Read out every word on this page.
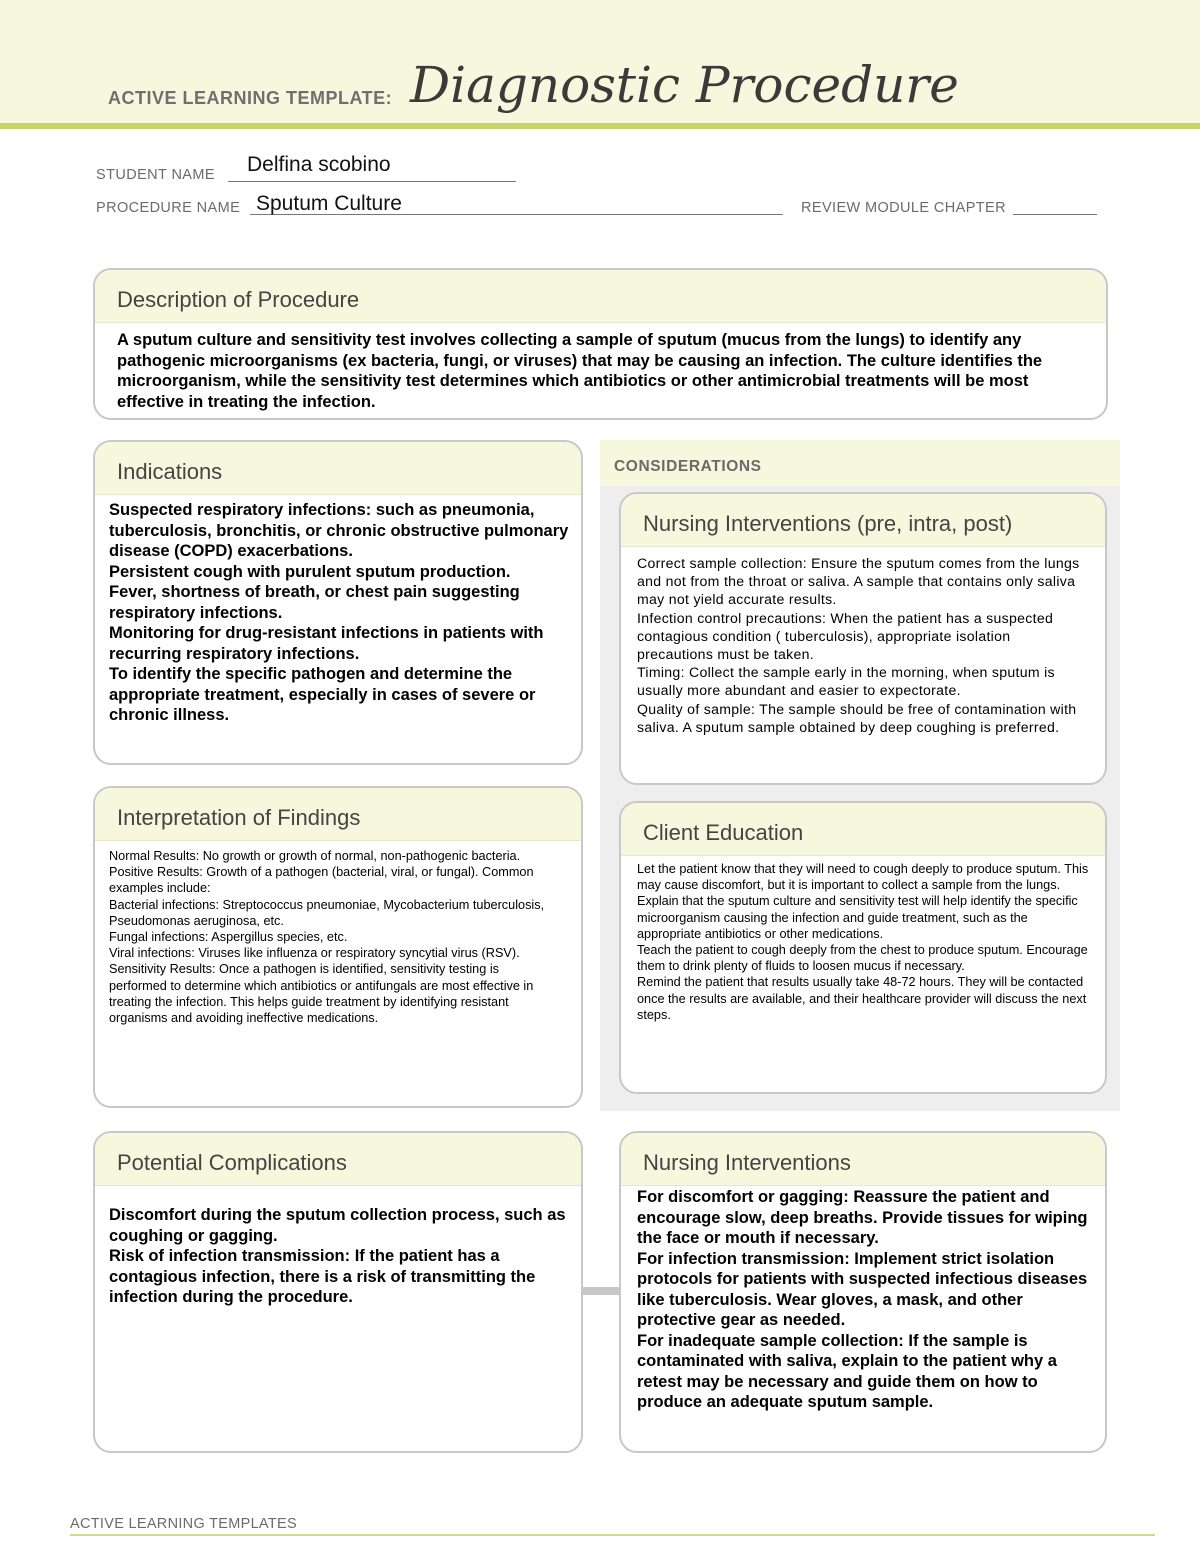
ACTIVE LEARNING TEMPLATE: Diagnostic Procedure
STUDENT NAME Delfina scobino
PROCEDURE NAME Sputum Culture	REVIEW MODULE CHAPTER
Description of Procedure
A sputum culture and sensitivity test involves collecting a sample of sputum (mucus from the lungs) to identify any pathogenic microorganisms (ex bacteria, fungi, or viruses) that may be causing an infection. The culture identifies the microorganism, while the sensitivity test determines which antibiotics or other antimicrobial treatments will be most effective in treating the infection.
Indications

Suspected respiratory infections: such as pneumonia, tuberculosis, bronchitis, or chronic obstructive pulmonary disease (COPD) exacerbations.

Persistent cough with purulent sputum production.

Fever, shortness of breath, or chest pain suggesting respiratory infections.

Monitoring for drug-resistant infections in patients with recurring respiratory infections.

To identify the specific pathogen and determine the appropriate treatment, especially in cases of severe or chronic illness.

Interpretation of Findings

Normal Results: No growth or growth of normal, non-pathogenic bacteria.

Positive Results: Growth of a pathogen (bacterial, viral, or fungal). Common examples include:

Bacterial infections: Streptococcus pneumoniae, Mycobacterium tuberculosis, Pseudomonas aeruginosa, etc.

Fungal infections: Aspergillus species, etc.

Viral infections: Viruses like influenza or respiratory syncytial virus (RSV).

Sensitivity Results: Once a pathogen is identified, sensitivity testing is performed to determine which antibiotics or antifungals are most effective in treating the infection. This helps guide treatment by identifying resistant organisms and avoiding ineffective medications.

CONSIDERATIONS
Nursing Interventions (pre, intra, post)

Correct sample collection: Ensure the sputum comes from the lungs and not from the throat or saliva. A sample that contains only saliva may not yield accurate results.

Infection control precautions: When the patient has a suspected contagious condition ( tuberculosis), appropriate isolation precautions must be taken.

Timing: Collect the sample early in the morning, when sputum is usually more abundant and easier to expectorate.

Quality of sample: The sample should be free of contamination with saliva. A sputum sample obtained by deep coughing is preferred.

Client Education

Let the patient know that they will need to cough deeply to produce sputum. This may cause discomfort, but it is important to collect a sample from the lungs.

Explain that the sputum culture and sensitivity test will help identify the specific microorganism causing the infection and guide treatment, such as the appropriate antibiotics or other medications.

Teach the patient to cough deeply from the chest to produce sputum. Encourage them to drink plenty of fluids to loosen mucus if necessary.

Remind the patient that results usually take 48-72 hours. They will be contacted once the results are available, and their healthcare provider will discuss the next steps.

Potential Complications

Discomfort during the sputum collection process, such as coughing or gagging.

Risk of infection transmission: If the patient has a contagious infection, there is a risk of transmitting the infection during the procedure.

Nursing Interventions

For discomfort or gagging: Reassure the patient and encourage slow, deep breaths. Provide tissues for wiping the face or mouth if necessary.

For infection transmission: Implement strict isolation protocols for patients with suspected infectious diseases like tuberculosis. Wear gloves, a mask, and other protective gear as needed.

For inadequate sample collection: If the sample is contaminated with saliva, explain to the patient why a retest may be necessary and guide them on how to produce an adequate sputum sample.

ACTIVE LEARNING TEMPLATES
